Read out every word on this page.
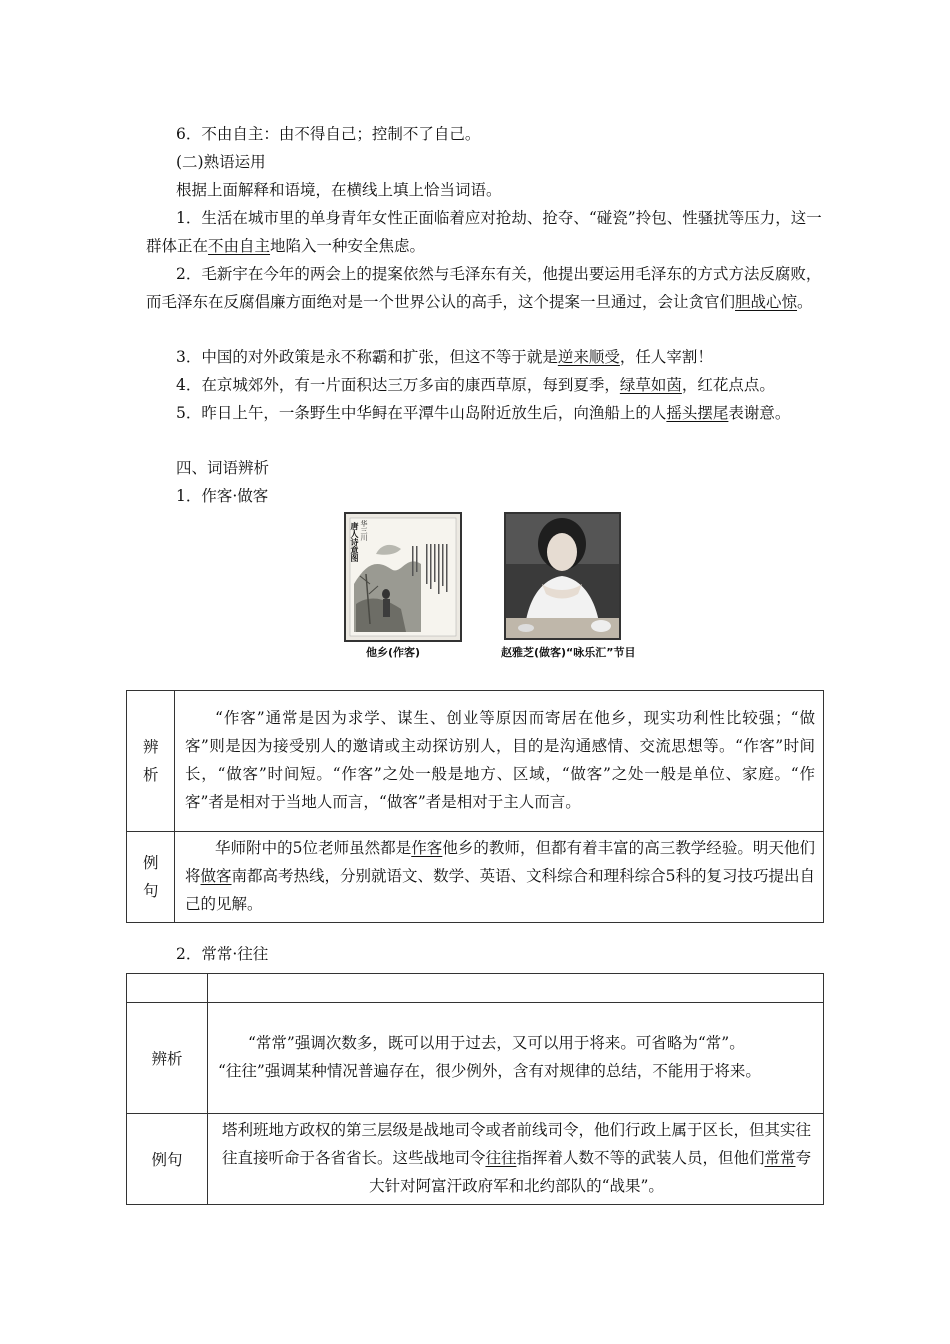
6．不由自主：由不得自己；控制不了自己。

(二)熟语运用

根据上面解释和语境，在横线上填上恰当词语。

1．生活在城市里的单身青年女性正面临着应对抢劫、抢夺、“碰瓷”拎包、性骚扰等压力，这一群体正在不由自主地陷入一种安全焦虑。

2．毛新宇在今年的两会上的提案依然与毛泽东有关，他提出要运用毛泽东的方式方法反腐败，而毛泽东在反腐倡廉方面绝对是一个世界公认的高手，这个提案一旦通过，会让贪官们胆战心惊。

3．中国的对外政策是永不称霸和扩张，但这不等于就是逆来顺受，任人宰割！

4．在京城郊外，有一片面积达三万多亩的康西草原，每到夏季，绿草如茵，红花点点。

5．昨日上午，一条野生中华鲟在平潭牛山岛附近放生后，向渔船上的人摇头摆尾表谢意。

四、词语辨析

1．作客·做客

华三川
唐人诗意图
他乡(作客)	赵雅芝(做客)“咏乐汇”节目
辨析	“作客”通常是因为求学、谋生、创业等原因而寄居在他乡，现实功利性比较强；“做客”则是因为接受别人的邀请或主动探访别人，目的是沟通感情、交流思想等。“作客”时间长，“做客”时间短。“作客”之处一般是地方、区域，“做客”之处一般是单位、家庭。“作客”者是相对于当地人而言，“做客”者是相对于主人而言。

例句	华师附中的5位老师虽然都是作客他乡的教师，但都有着丰富的高三教学经验。明天他们将做客南都高考热线，分别就语文、数学、英语、文科综合和理科综合5科的复习技巧提出自己的见解。

2．常常·往往

辨析	“常常”强调次数多，既可以用于过去，又可以用于将来。可省略为“常”。
“往往”强调某种情况普遍存在，很少例外，含有对规律的总结，不能用于将来。

例句	塔利班地方政权的第三层级是战地司令或者前线司令，他们行政上属于区长，但其实往往直接听命于各省省长。这些战地司令往往指挥着人数不等的武装人员，但他们常常夸大针对阿富汗政府军和北约部队的“战果”。
